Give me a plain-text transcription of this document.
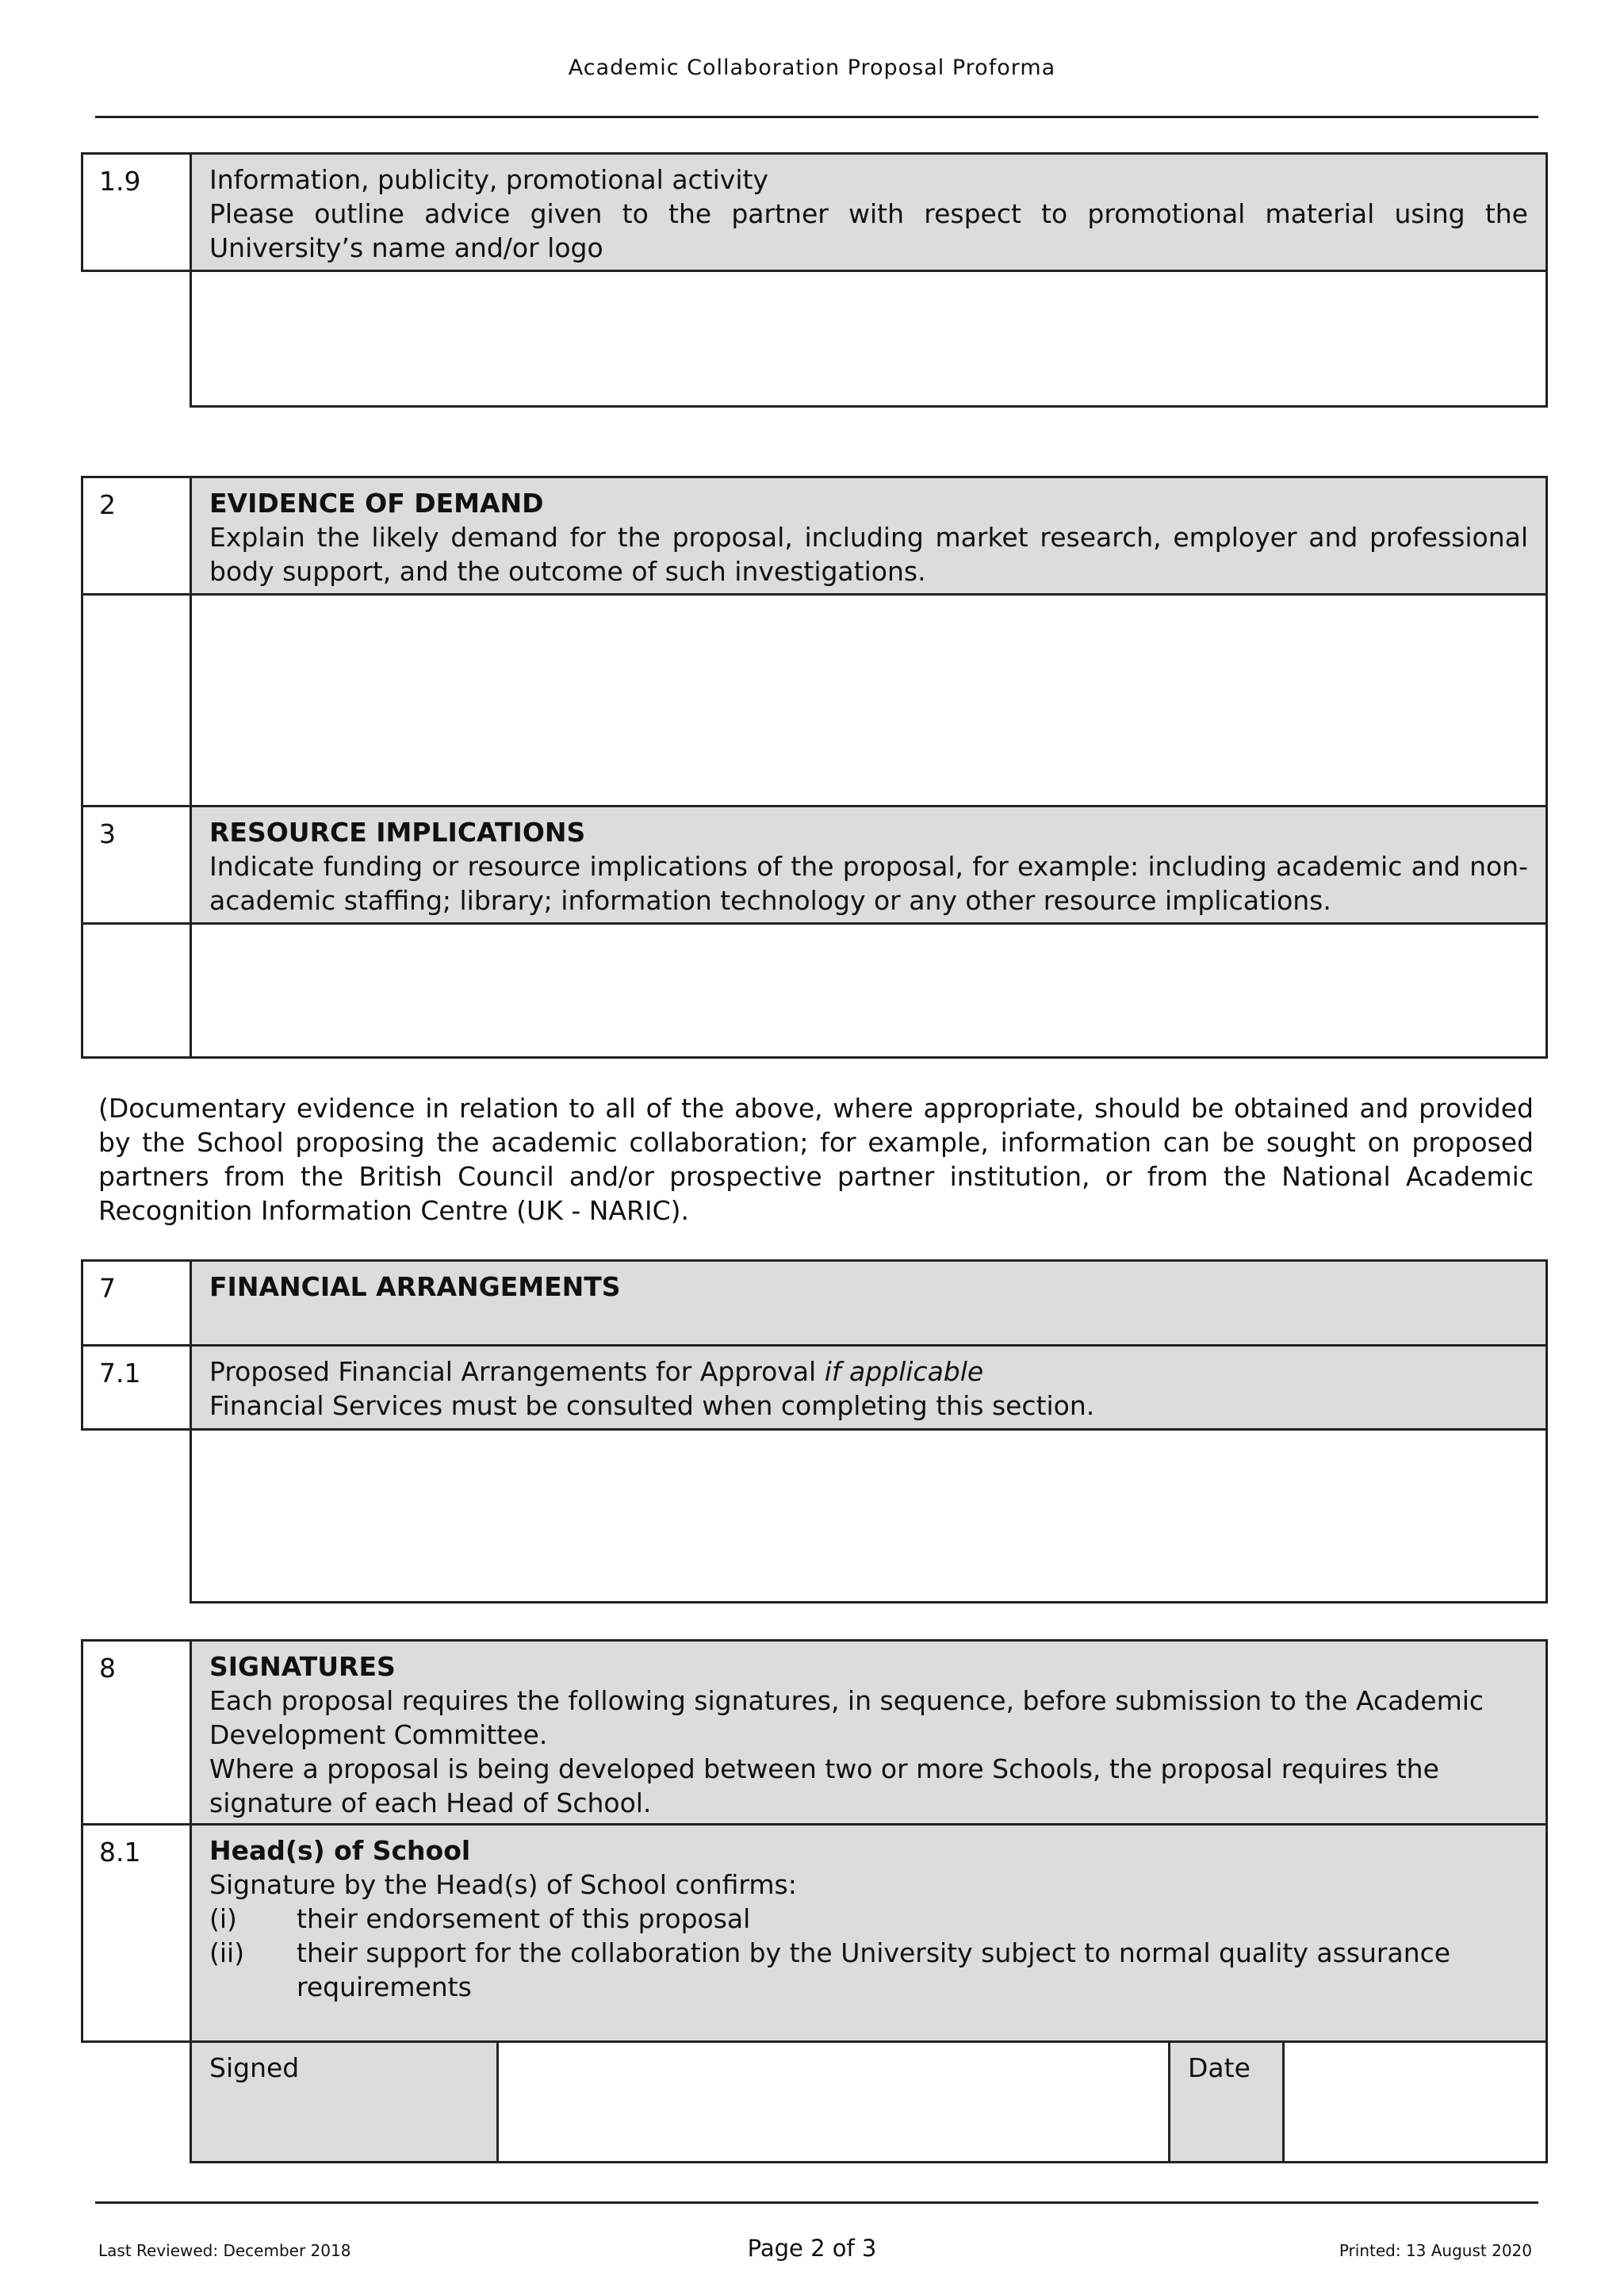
Academic Collaboration Proposal Proforma
1.9	Information, publicity, promotional activity
Please outline advice given to the partner with respect to promotional material using the University’s name and/or logo
2	EVIDENCE OF DEMAND
Explain the likely demand for the proposal, including market research, employer and professional body support, and the outcome of such investigations.
3	RESOURCE IMPLICATIONS
Indicate funding or resource implications of the proposal, for example: including academic and non-academic staffing; library; information technology or any other resource implications.
(Documentary evidence in relation to all of the above, where appropriate, should be obtained and provided by the School proposing the academic collaboration; for example, information can be sought on proposed partners from the British Council and/or prospective partner institution, or from the National Academic Recognition Information Centre (UK - NARIC).
7	FINANCIAL ARRANGEMENTS
7.1	Proposed Financial Arrangements for Approval if applicable
Financial Services must be consulted when completing this section.
8	SIGNATURES
Each proposal requires the following signatures, in sequence, before submission to the Academic Development Committee.
Where a proposal is being developed between two or more Schools, the proposal requires the signature of each Head of School.
8.1	Head(s) of School
Signature by the Head(s) of School confirms:
(i)	their endorsement of this proposal
(ii)	their support for the collaboration by the University subject to normal quality assurance requirements
Signed	Date
Last Reviewed: December 2018	Page 2 of 3	Printed: 13 August 2020
